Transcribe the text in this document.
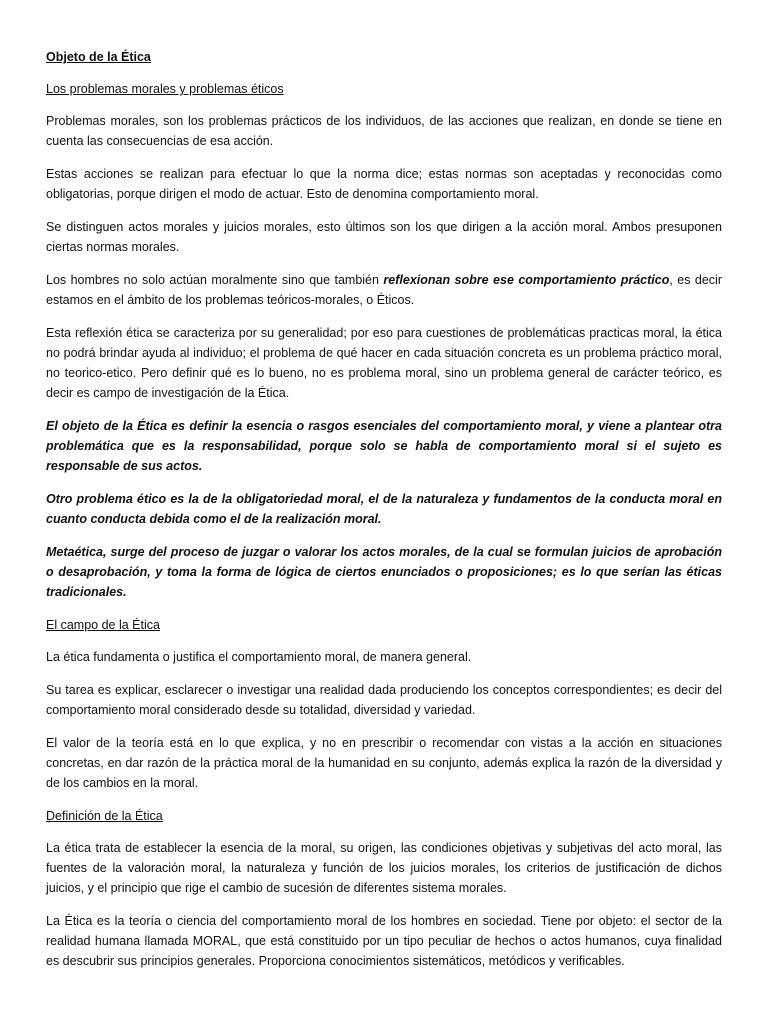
Objeto de la Ética
Los problemas morales y problemas éticos

Problemas morales, son los problemas prácticos de los individuos, de las acciones que realizan, en donde se tiene en cuenta las consecuencias de esa acción.

Estas acciones se realizan para efectuar lo que la norma dice; estas normas son aceptadas y reconocidas como obligatorias, porque dirigen el modo de actuar. Esto de denomina comportamiento moral.

Se distinguen actos morales y juicios morales, esto últimos son los que dirigen a la acción moral. Ambos presuponen ciertas normas morales.

Los hombres no solo actúan moralmente sino que también reflexionan sobre ese comportamiento práctico, es decir estamos en el ámbito de los problemas teóricos-morales, o Éticos.

Esta reflexión ética se caracteriza por su generalidad; por eso para cuestiones de problemáticas practicas moral, la ética no podrá brindar ayuda al individuo; el problema de qué hacer en cada situación concreta es un problema práctico moral, no teorico-etico. Pero definir qué es lo bueno, no es problema moral, sino un problema general de carácter teórico, es decir es campo de investigación de la Ética.

El objeto de la Ética es definir la esencia o rasgos esenciales del comportamiento moral, y viene a plantear otra problemática que es la responsabilidad, porque solo se habla de comportamiento moral si el sujeto es responsable de sus actos.

Otro problema ético es la de la obligatoriedad moral, el de la naturaleza y fundamentos de la conducta moral en cuanto conducta debida como el de la realización moral.

Metaética, surge del proceso de juzgar o valorar los actos morales, de la cual se formulan juicios de aprobación o desaprobación, y toma la forma de lógica de ciertos enunciados o proposiciones; es lo que serían las éticas tradicionales.

El campo de la Ética

La ética fundamenta o justifica el comportamiento moral, de manera general.

Su tarea es explicar, esclarecer o investigar una realidad dada produciendo los conceptos correspondientes; es decir del comportamiento moral considerado desde su totalidad, diversidad y variedad.

El valor de la teoría está en lo que explica, y no en prescribir o recomendar con vistas a la acción en situaciones concretas, en dar razón de la práctica moral de la humanidad en su conjunto, además explica la razón de la diversidad y de los cambios en la moral.

Definición de la Ética

La ética trata de establecer la esencia de la moral, su origen, las condiciones objetivas y subjetivas del acto moral, las fuentes de la valoración moral, la naturaleza y función de los juicios morales, los criterios de justificación de dichos juicios, y el principio que rige el cambio de sucesión de diferentes sistema morales.

La Ética es la teoría o ciencia del comportamiento moral de los hombres en sociedad. Tiene por objeto: el sector de la realidad humana llamada MORAL, que está constituido por un tipo peculiar de hechos o actos humanos, cuya finalidad es descubrir sus principios generales. Proporciona conocimientos sistemáticos, metódicos y verificables.
